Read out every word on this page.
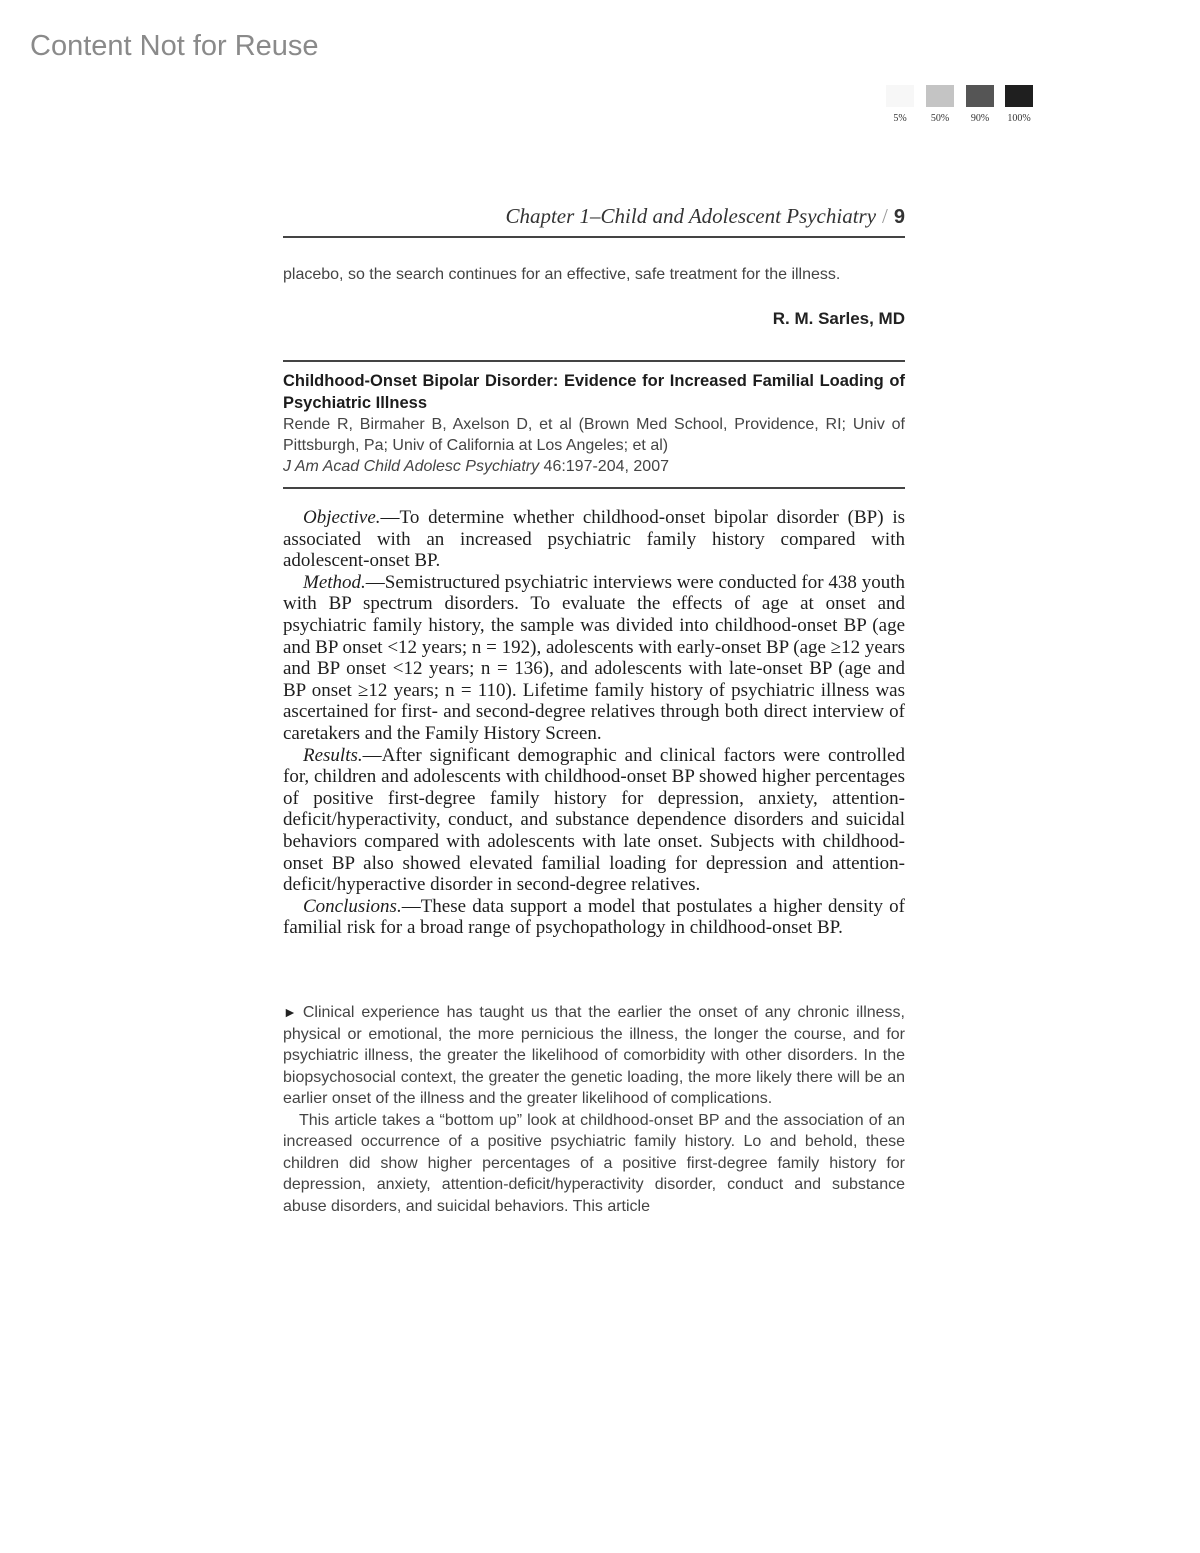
Content Not for Reuse
5%	50%	90%	100%
Chapter 1–Child and Adolescent Psychiatry / 9

placebo, so the search continues for an effective, safe treatment for the illness.

R. M. Sarles, MD
Childhood-Onset Bipolar Disorder: Evidence for Increased Familial Loading of Psychiatric Illness
Rende R, Birmaher B, Axelson D, et al (Brown Med School, Providence, RI; Univ of Pittsburgh, Pa; Univ of California at Los Angeles; et al)
J Am Acad Child Adolesc Psychiatry 46:197-204, 2007

Objective.—To determine whether childhood-onset bipolar disorder (BP) is associated with an increased psychiatric family history compared with adolescent-onset BP.

Method.—Semistructured psychiatric interviews were conducted for 438 youth with BP spectrum disorders. To evaluate the effects of age at onset and psychiatric family history, the sample was divided into childhood-onset BP (age and BP onset <12 years; n = 192), adolescents with early-onset BP (age ≥12 years and BP onset <12 years; n = 136), and adolescents with late-onset BP (age and BP onset ≥12 years; n = 110). Lifetime family history of psychiatric illness was ascertained for first- and second-degree relatives through both direct interview of caretakers and the Family History Screen.

Results.—After significant demographic and clinical factors were controlled for, children and adolescents with childhood-onset BP showed higher percentages of positive first-degree family history for depression, anxiety, attention-deficit/hyperactivity, conduct, and substance dependence disorders and suicidal behaviors compared with adolescents with late onset. Subjects with childhood-onset BP also showed elevated familial loading for depression and attention-deficit/hyperactive disorder in second-degree relatives.

Conclusions.—These data support a model that postulates a higher density of familial risk for a broad range of psychopathology in childhood-onset BP.

► Clinical experience has taught us that the earlier the onset of any chronic illness, physical or emotional, the more pernicious the illness, the longer the course, and for psychiatric illness, the greater the likelihood of comorbidity with other disorders. In the biopsychosocial context, the greater the genetic loading, the more likely there will be an earlier onset of the illness and the greater likelihood of complications.

This article takes a “bottom up” look at childhood-onset BP and the association of an increased occurrence of a positive psychiatric family history. Lo and behold, these children did show higher percentages of a positive first-degree family history for depression, anxiety, attention-deficit/hyperactivity disorder, conduct and substance abuse disorders, and suicidal behaviors. This article
